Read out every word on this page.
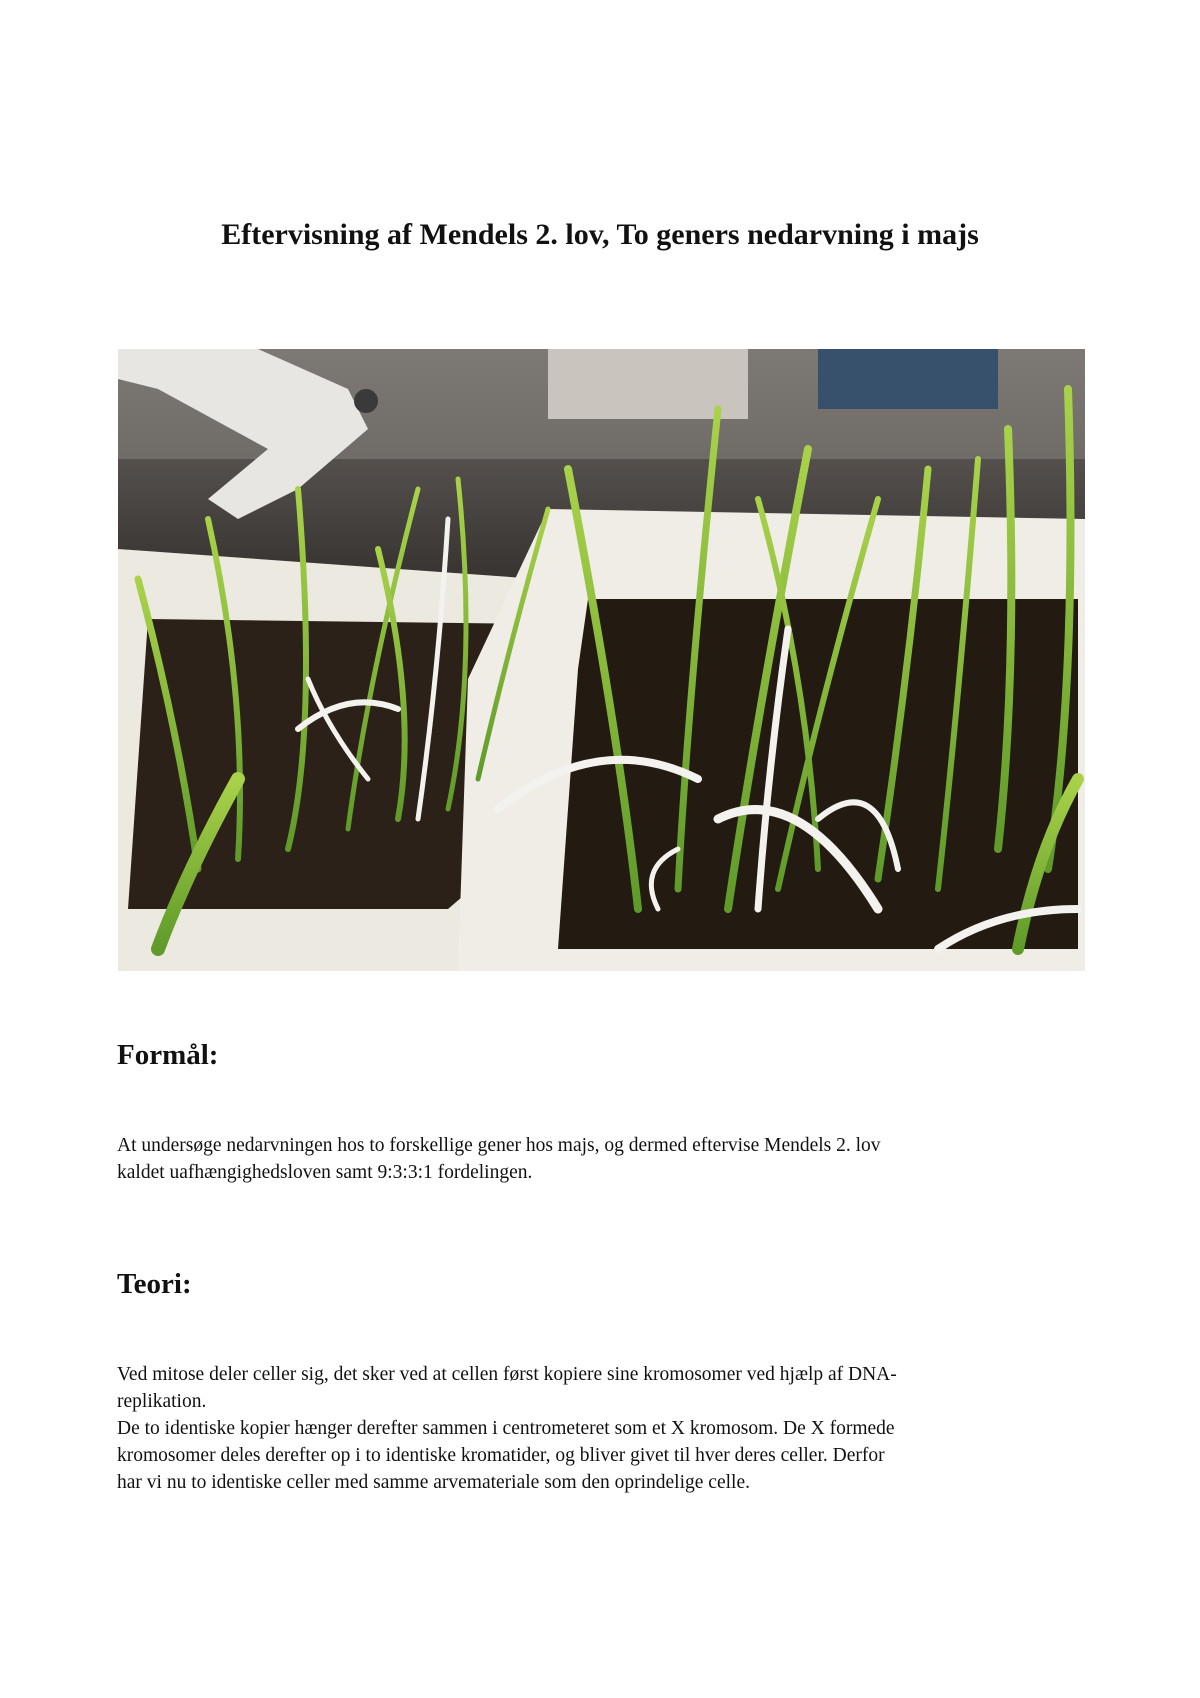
Eftervisning af Mendels 2. lov, To geners nedarvning i majs
Formål:

At undersøge nedarvningen hos to forskellige gener hos majs, og dermed eftervise Mendels 2. lov
kaldet uafhængighedsloven samt 9:3:3:1 fordelingen.

Teori:

Ved mitose deler celler sig, det sker ved at cellen først kopiere sine kromosomer ved hjælp af DNA-
replikation.
De to identiske kopier hænger derefter sammen i centrometeret som et X kromosom. De X formede
kromosomer deles derefter op i to identiske kromatider, og bliver givet til hver deres celler. Derfor
har vi nu to identiske celler med samme arvemateriale som den oprindelige celle.
